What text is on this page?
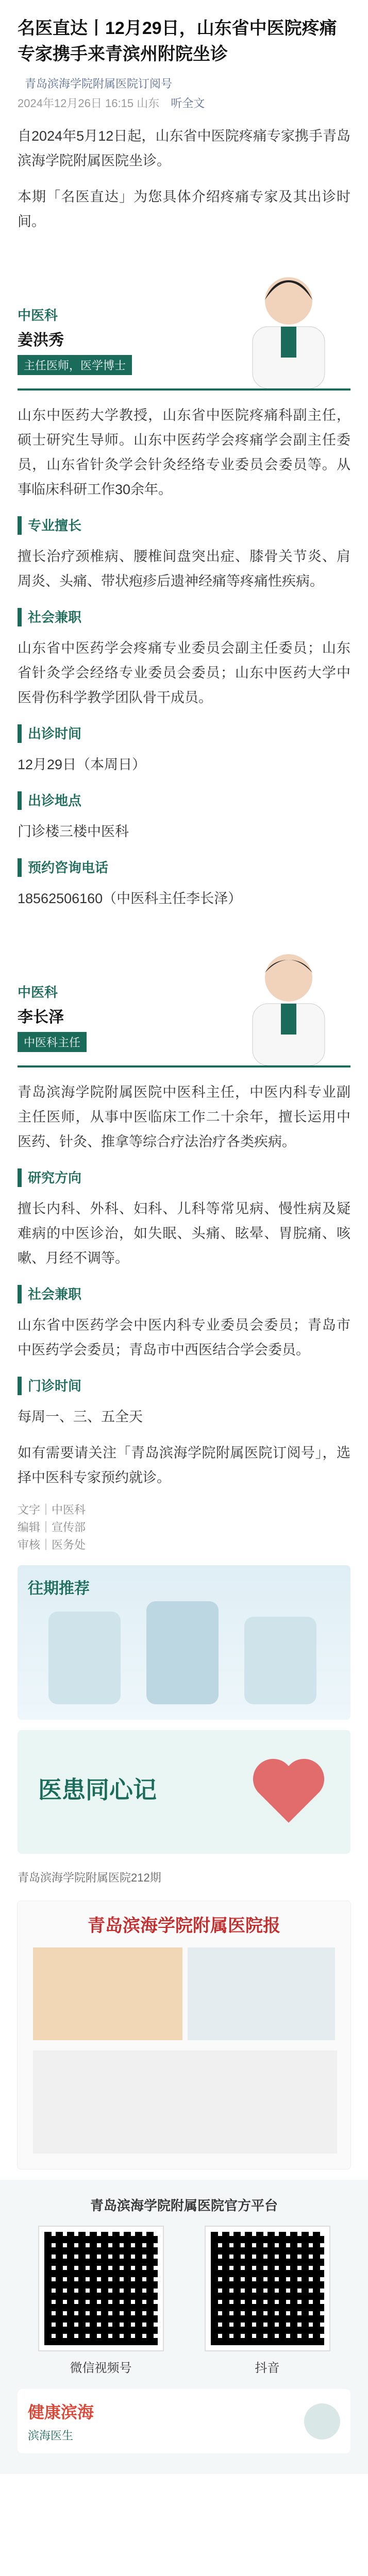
名医直达丨12月29日，山东省中医院疼痛专家携手来青滨州附院坐诊
青岛滨海学院附属医院订阅号
2024年12月26日 16:15 山东 听全文

自2024年5月12日起，山东省中医院疼痛专家携手青岛滨海学院附属医院坐诊。

本期「名医直达」为您具体介绍疼痛专家及其出诊时间。

中医科
姜洪秀
主任医师，医学博士

山东中医药大学教授，山东省中医院疼痛科副主任，硕士研究生导师。山东中医药学会疼痛学会副主任委员，山东省针灸学会针灸经络专业委员会委员等。从事临床科研工作30余年。

专业擅长

擅长治疗颈椎病、腰椎间盘突出症、膝骨关节炎、肩周炎、头痛、带状疱疹后遗神经痛等疼痛性疾病。

社会兼职

山东省中医药学会疼痛专业委员会副主任委员；山东省针灸学会经络专业委员会委员；山东中医药大学中医骨伤科学教学团队骨干成员。

出诊时间

12月29日（本周日）

出诊地点

门诊楼三楼中医科

预约咨询电话

18562506160（中医科主任李长泽）

中医科
李长泽
中医科主任

青岛滨海学院附属医院中医科主任，中医内科专业副主任医师，从事中医临床工作二十余年，擅长运用中医药、针灸、推拿等综合疗法治疗各类疾病。

研究方向

擅长内科、外科、妇科、儿科等常见病、慢性病及疑难病的中医诊治，如失眠、头痛、眩晕、胃脘痛、咳嗽、月经不调等。

社会兼职

山东省中医药学会中医内科专业委员会委员；青岛市中医药学会委员；青岛市中西医结合学会委员。

门诊时间

每周一、三、五全天

如有需要请关注「青岛滨海学院附属医院订阅号」，选择中医科专家预约就诊。

文字｜中医科
编辑｜宣传部
审核｜医务处

往期推荐
医患同心记
青岛滨海学院附属医院212期
青岛滨海学院附属医院报
青岛滨海学院附属医院官方平台
微信视频号	抖音
健康滨海
滨海医生
